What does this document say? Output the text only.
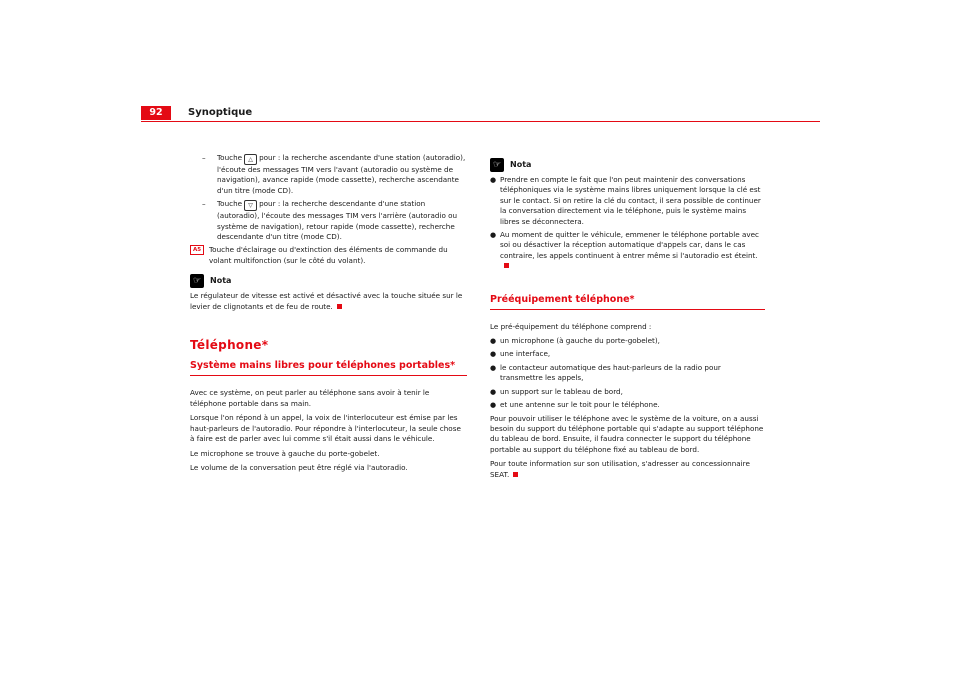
92	Synoptique
– Touche △ pour : la recherche ascendante d'une station (autoradio), l'écoute des messages TIM vers l'avant (autoradio ou système de navigation), avance rapide (mode cassette), recherche ascendante d'un titre (mode CD).
– Touche ▽ pour : la recherche descendante d'une station (autoradio), l'écoute des messages TIM vers l'arrière (autoradio ou système de navigation), retour rapide (mode cassette), recherche descendante d'un titre (mode CD).
A5	Touche d'éclairage ou d'extinction des éléments de commande du volant multifonction (sur le côté du volant).
☞	Nota

Le régulateur de vitesse est activé et désactivé avec la touche située sur le levier de clignotants et de feu de route.

Téléphone*
Système mains libres pour téléphones portables*

Avec ce système, on peut parler au téléphone sans avoir à tenir le téléphone portable dans sa main.

Lorsque l'on répond à un appel, la voix de l'interlocuteur est émise par les haut-parleurs de l'autoradio. Pour répondre à l'interlocuteur, la seule chose à faire est de parler avec lui comme s'il était aussi dans le véhicule.

Le microphone se trouve à gauche du porte-gobelet.

Le volume de la conversation peut être réglé via l'autoradio.

☞	Nota
● Prendre en compte le fait que l'on peut maintenir des conversations téléphoniques via le système mains libres uniquement lorsque la clé est sur le contact. Si on retire la clé du contact, il sera possible de continuer la conversation directement via le téléphone, puis le système mains libres se déconnectera.
● Au moment de quitter le véhicule, emmener le téléphone portable avec soi ou désactiver la réception automatique d'appels car, dans le cas contraire, les appels continuent à entrer même si l'autoradio est éteint.
Prééquipement téléphone*

Le pré-équipement du téléphone comprend :

● un microphone (à gauche du porte-gobelet),
● une interface,
● le contacteur automatique des haut-parleurs de la radio pour transmettre les appels,
● un support sur le tableau de bord,
● et une antenne sur le toit pour le téléphone.

Pour pouvoir utiliser le téléphone avec le système de la voiture, on a aussi besoin du support du téléphone portable qui s'adapte au support téléphone du tableau de bord. Ensuite, il faudra connecter le support du téléphone portable au support du téléphone fixé au tableau de bord.

Pour toute information sur son utilisation, s'adresser au concessionnaire SEAT.
